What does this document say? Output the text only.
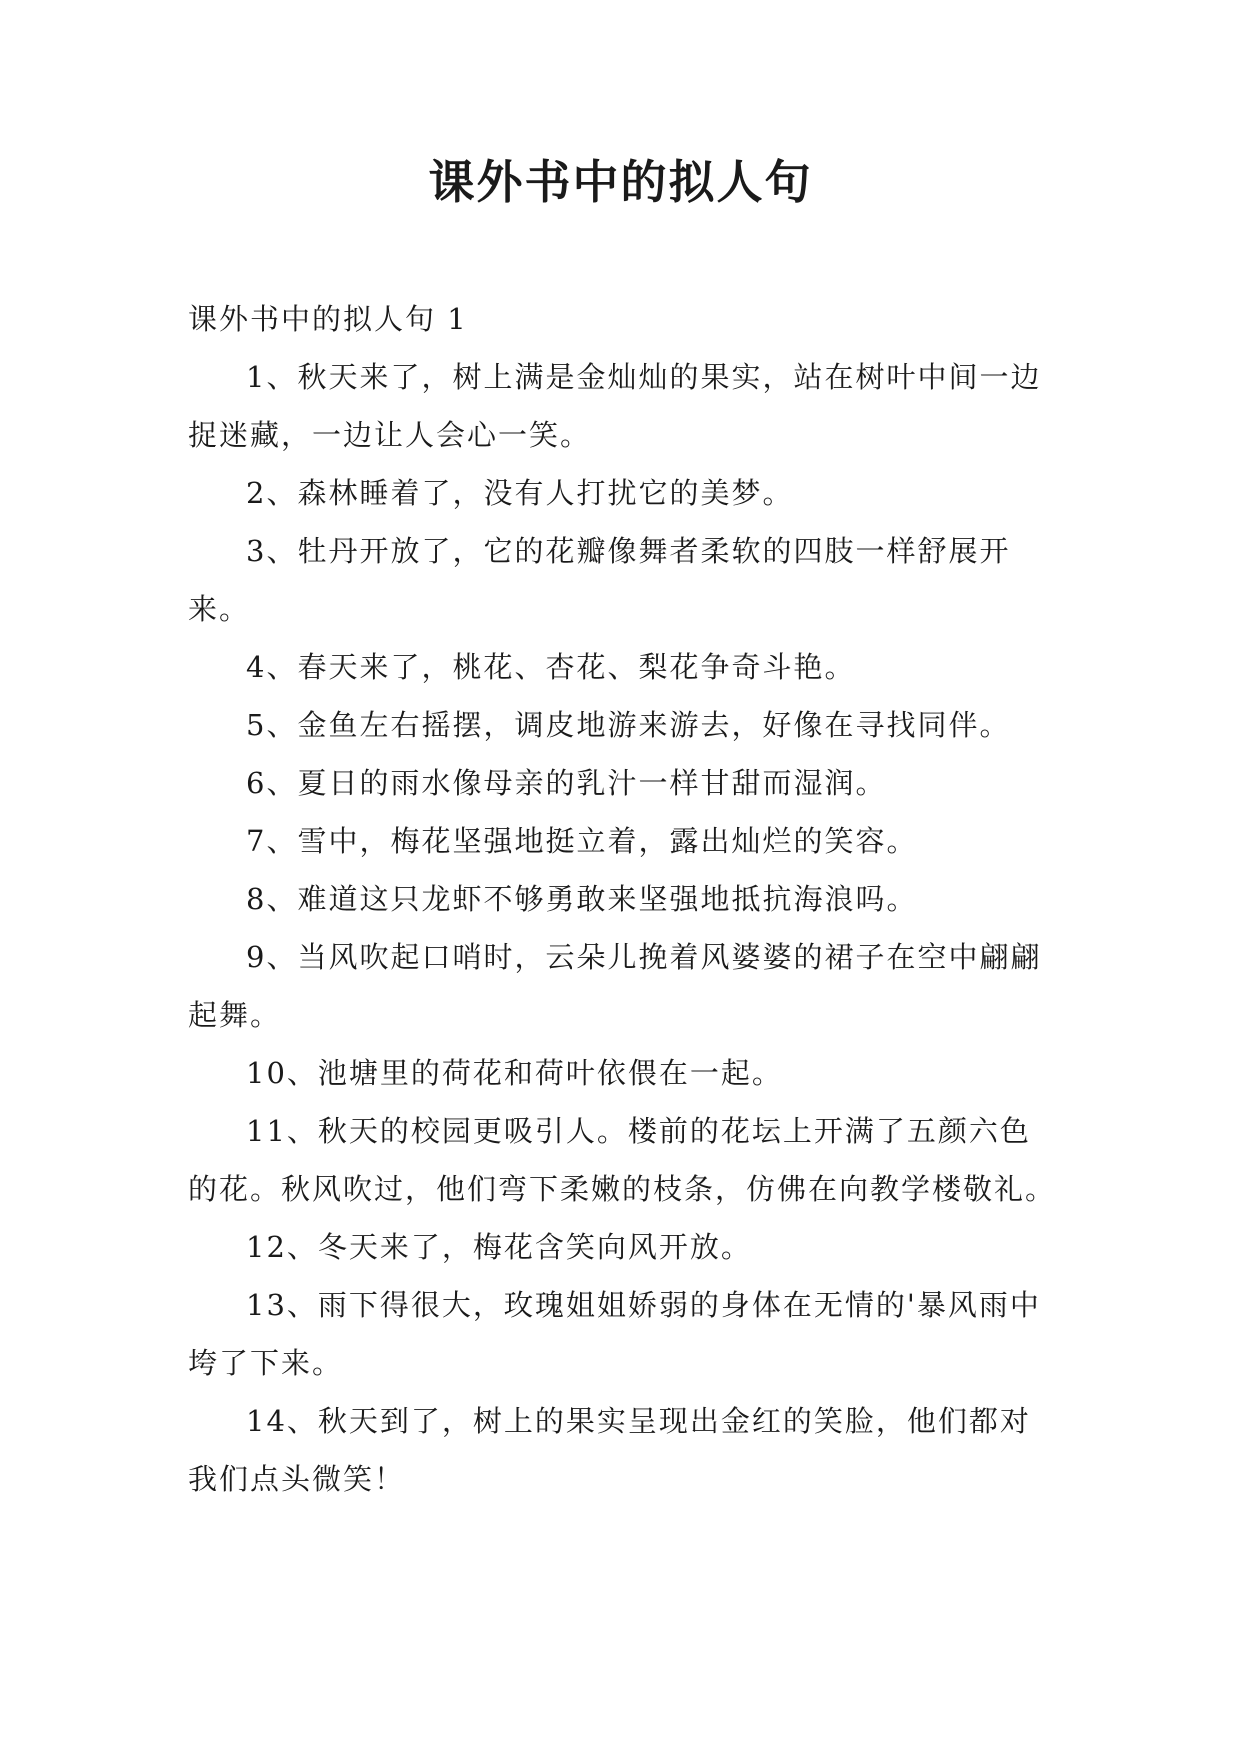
课外书中的拟人句

课外书中的拟人句 1

1、秋天来了，树上满是金灿灿的果实，站在树叶中间一边捉迷藏，一边让人会心一笑。

2、森林睡着了，没有人打扰它的美梦。

3、牡丹开放了，它的花瓣像舞者柔软的四肢一样舒展开来。

4、春天来了，桃花、杏花、梨花争奇斗艳。

5、金鱼左右摇摆，调皮地游来游去，好像在寻找同伴。

6、夏日的雨水像母亲的乳汁一样甘甜而湿润。

7、雪中，梅花坚强地挺立着，露出灿烂的笑容。

8、难道这只龙虾不够勇敢来坚强地抵抗海浪吗。

9、当风吹起口哨时，云朵儿挽着风婆婆的裙子在空中翩翩起舞。

10、池塘里的荷花和荷叶依偎在一起。

11、秋天的校园更吸引人。楼前的花坛上开满了五颜六色的花。秋风吹过，他们弯下柔嫩的枝条，仿佛在向教学楼敬礼。

12、冬天来了，梅花含笑向风开放。

13、雨下得很大，玫瑰姐姐娇弱的身体在无情的'暴风雨中垮了下来。

14、秋天到了，树上的果实呈现出金红的笑脸，他们都对我们点头微笑！
